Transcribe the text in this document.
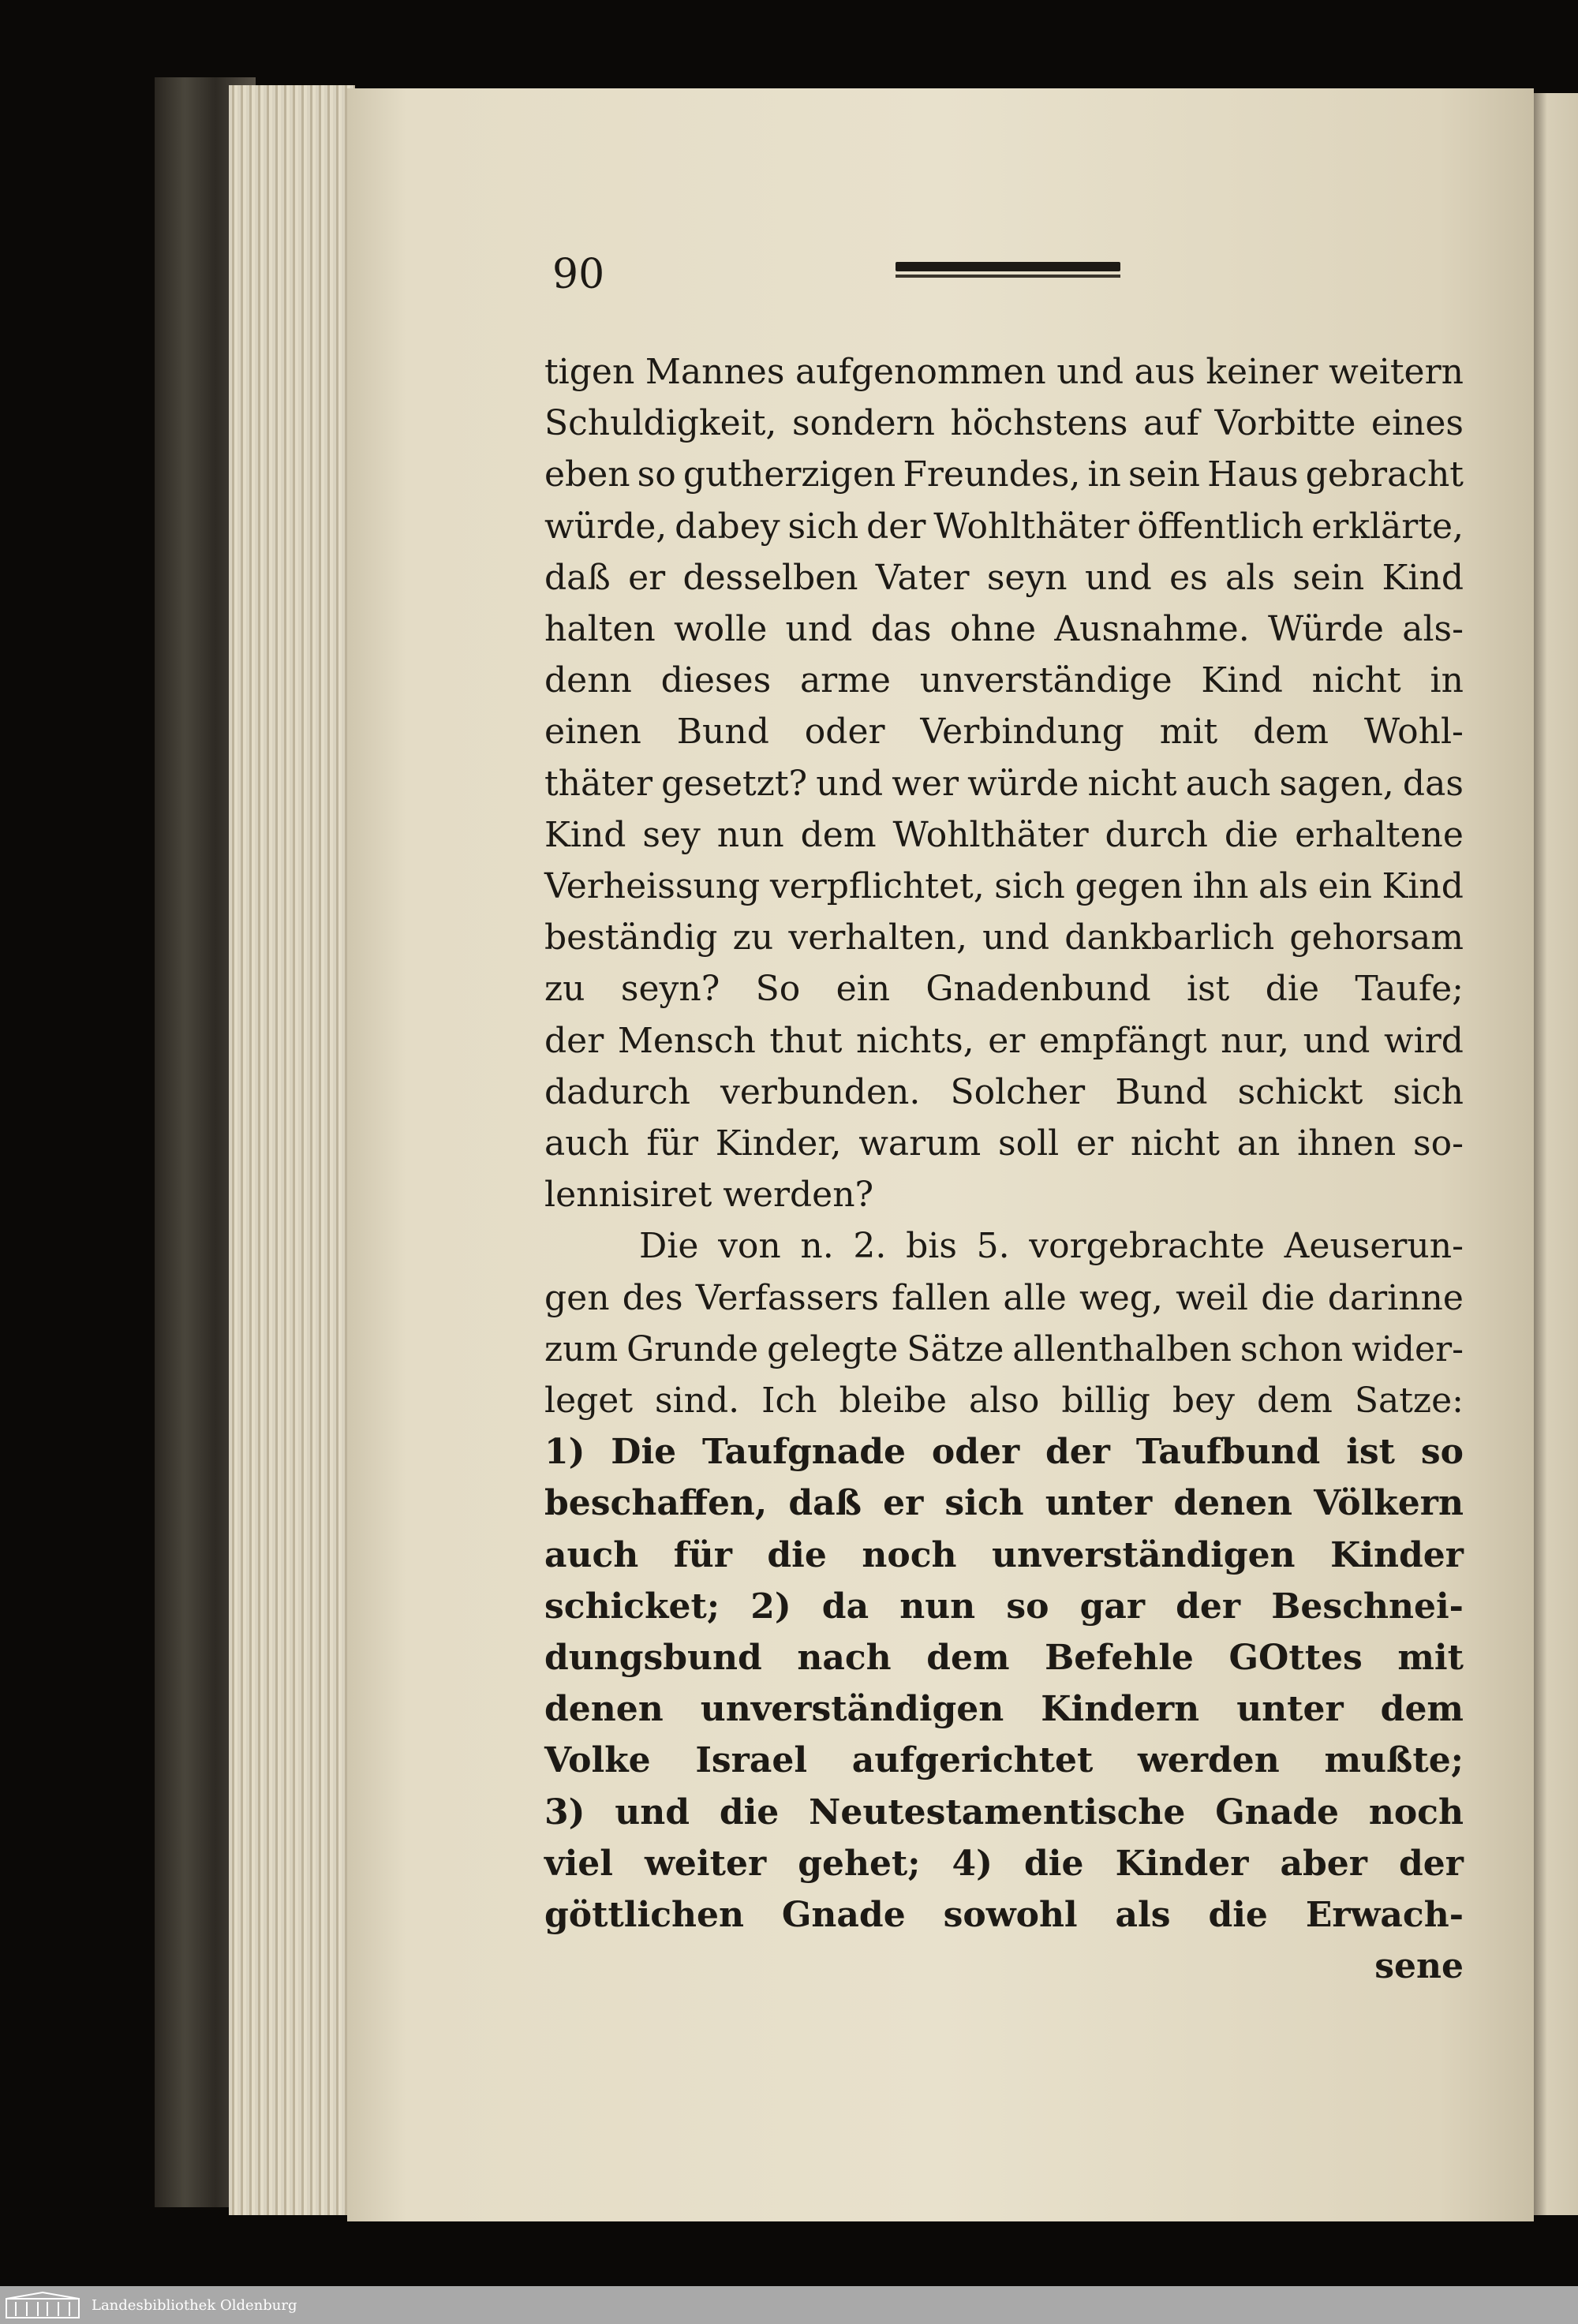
90
tigen Mannes aufgenommen und aus keiner weitern
Schuldigkeit, sondern höchstens auf Vorbitte eines
eben so gutherzigen Freundes, in sein Haus gebracht
würde, dabey sich der Wohlthäter öffentlich erklärte,
daß er desselben Vater seyn und es als sein Kind
halten wolle und das ohne Ausnahme. Würde als-
denn dieses arme unverständige Kind nicht in
einen Bund oder Verbindung mit dem Wohl-
thäter gesetzt? und wer würde nicht auch sagen, das
Kind sey nun dem Wohlthäter durch die erhaltene
Verheissung verpflichtet, sich gegen ihn als ein Kind
beständig zu verhalten, und dankbarlich gehorsam
zu seyn? So ein Gnadenbund ist die Taufe;
der Mensch thut nichts, er empfängt nur, und wird
dadurch verbunden. Solcher Bund schickt sich
auch für Kinder, warum soll er nicht an ihnen so-
lennisiret werden?
Die von n. 2. bis 5. vorgebrachte Aeuserun-
gen des Verfassers fallen alle weg, weil die darinne
zum Grunde gelegte Sätze allenthalben schon wider-
leget sind. Ich bleibe also billig bey dem Satze:
1) Die Taufgnade oder der Taufbund ist so
beschaffen, daß er sich unter denen Völkern
auch für die noch unverständigen Kinder
schicket; 2) da nun so gar der Beschnei-
dungsbund nach dem Befehle GOttes mit
denen unverständigen Kindern unter dem
Volke Israel aufgerichtet werden mußte;
3) und die Neutestamentische Gnade noch
viel weiter gehet; 4) die Kinder aber der
göttlichen Gnade sowohl als die Erwach-
sene
Landesbibliothek Oldenburg
